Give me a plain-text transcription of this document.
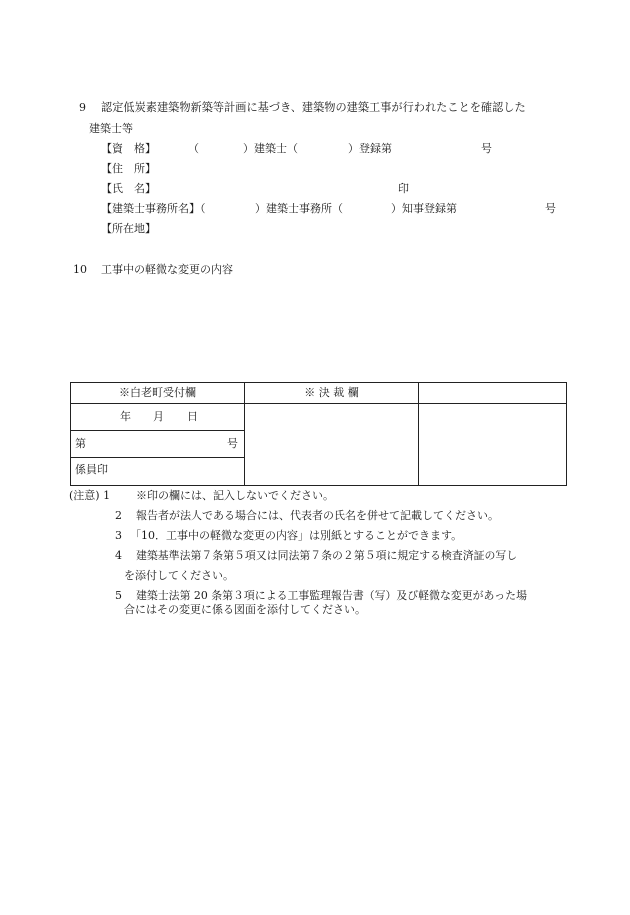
9 認定低炭素建築物新築等計画に基づき、建築物の建築工事が行われたことを確認した
建築士等
【資　格】	（	）建築士（	）登録第	号
【住　所】
【氏　名】	印
【建築士事務所名】（	）建築士事務所（	）知事登録第	号
【所在地】
10 工事中の軽微な変更の内容
※白老町受付欄	※ 決 裁 欄
年 月 日
第	号
係員印
(注意) 1 ※印の欄には、記入しないでください。
2 報告者が法人である場合には、代表者の氏名を併せて記載してください。
3 「10．工事中の軽微な変更の内容」は別紙とすることができます。
4 建築基準法第７条第５項又は同法第７条の２第５項に規定する検査済証の写し
を添付してください。
5 建築士法第 20 条第３項による工事監理報告書（写）及び軽微な変更があった場
合にはその変更に係る図面を添付してください。
